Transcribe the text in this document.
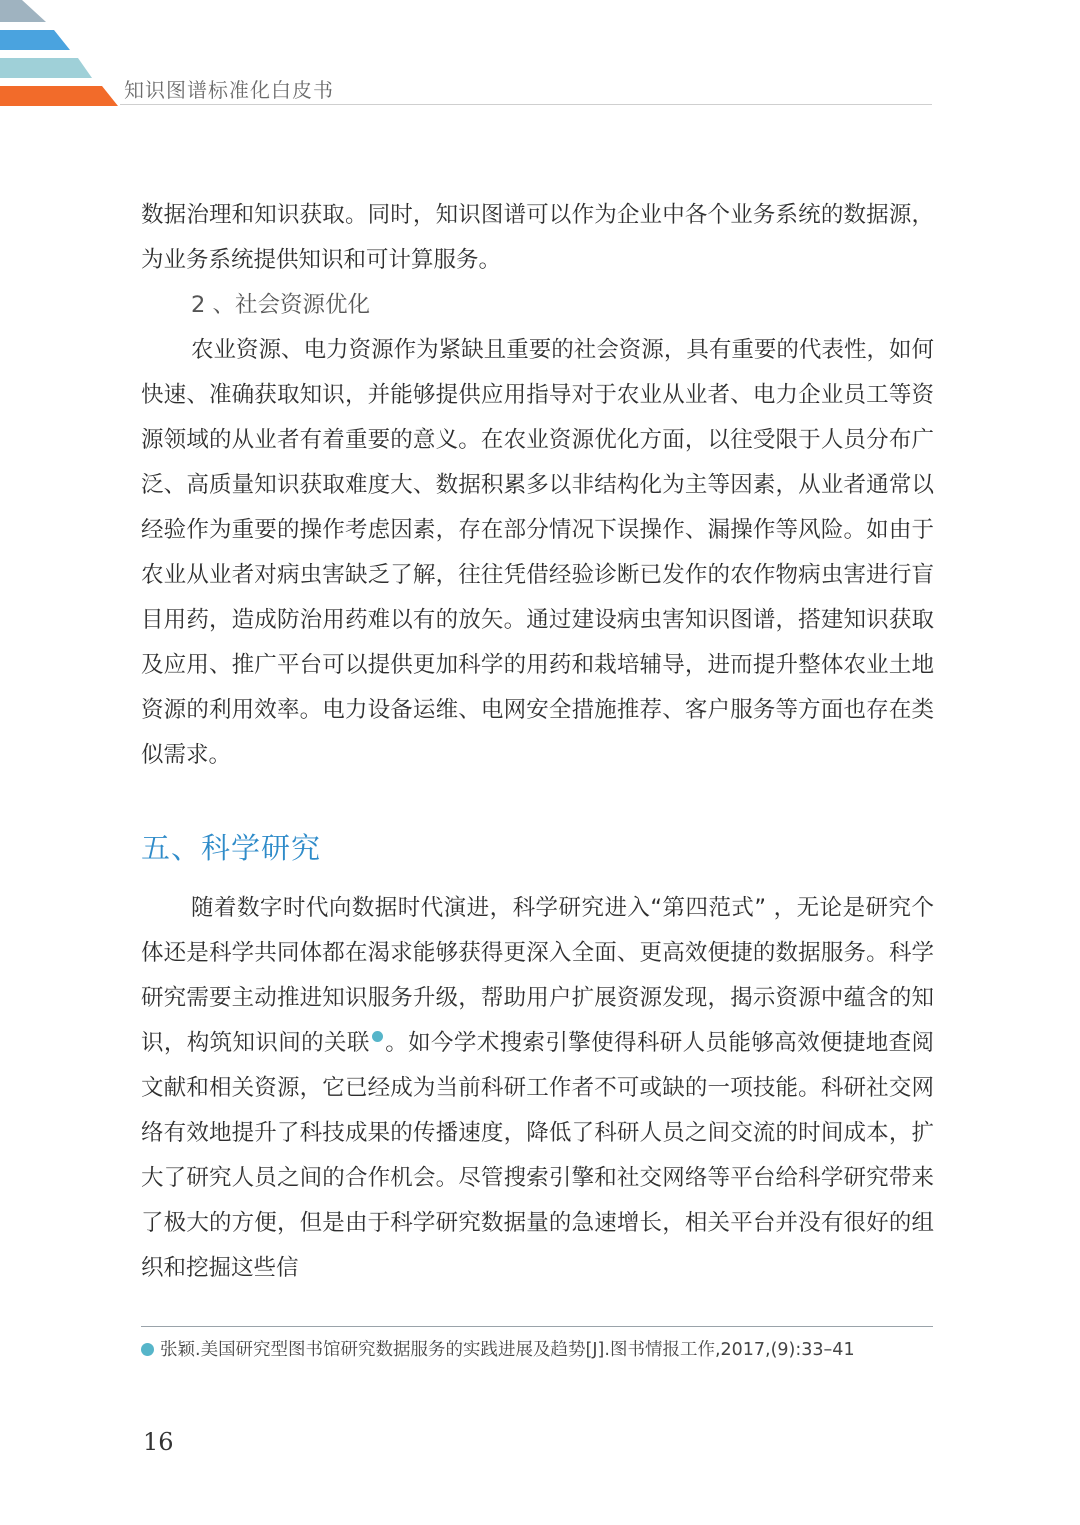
知识图谱标准化白皮书

数据治理和知识获取。同时，知识图谱可以作为企业中各个业务系统的数据源，为业务系统提供知识和可计算服务。

2 、社会资源优化

农业资源、电力资源作为紧缺且重要的社会资源，具有重要的代表性，如何快速、准确获取知识，并能够提供应用指导对于农业从业者、电力企业员工等资源领域的从业者有着重要的意义。在农业资源优化方面，以往受限于人员分布广泛、高质量知识获取难度大、数据积累多以非结构化为主等因素，从业者通常以经验作为重要的操作考虑因素，存在部分情况下误操作、漏操作等风险。如由于农业从业者对病虫害缺乏了解，往往凭借经验诊断已发作的农作物病虫害进行盲目用药，造成防治用药难以有的放矢。通过建设病虫害知识图谱，搭建知识获取及应用、推广平台可以提供更加科学的用药和栽培辅导，进而提升整体农业土地资源的利用效率。电力设备运维、电网安全措施推荐、客户服务等方面也存在类似需求。

五、科学研究

随着数字时代向数据时代演进，科学研究进入“第四范式” ，无论是研究个体还是科学共同体都在渴求能够获得更深入全面、更高效便捷的数据服务。科学研究需要主动推进知识服务升级，帮助用户扩展资源发现，揭示资源中蕴含的知识，构筑知识间的关联 。如今学术搜索引擎使得科研人员能够高效便捷地查阅文献和相关资源，它已经成为当前科研工作者不可或缺的一项技能。科研社交网络有效地提升了科技成果的传播速度，降低了科研人员之间交流的时间成本，扩大了研究人员之间的合作机会。尽管搜索引擎和社交网络等平台给科学研究带来了极大的方便，但是由于科学研究数据量的急速增长，相关平台并没有很好的组织和挖掘这些信

张颖.美国研究型图书馆研究数据服务的实践进展及趋势[J].图书情报工作,2017,(9):33–41
16
